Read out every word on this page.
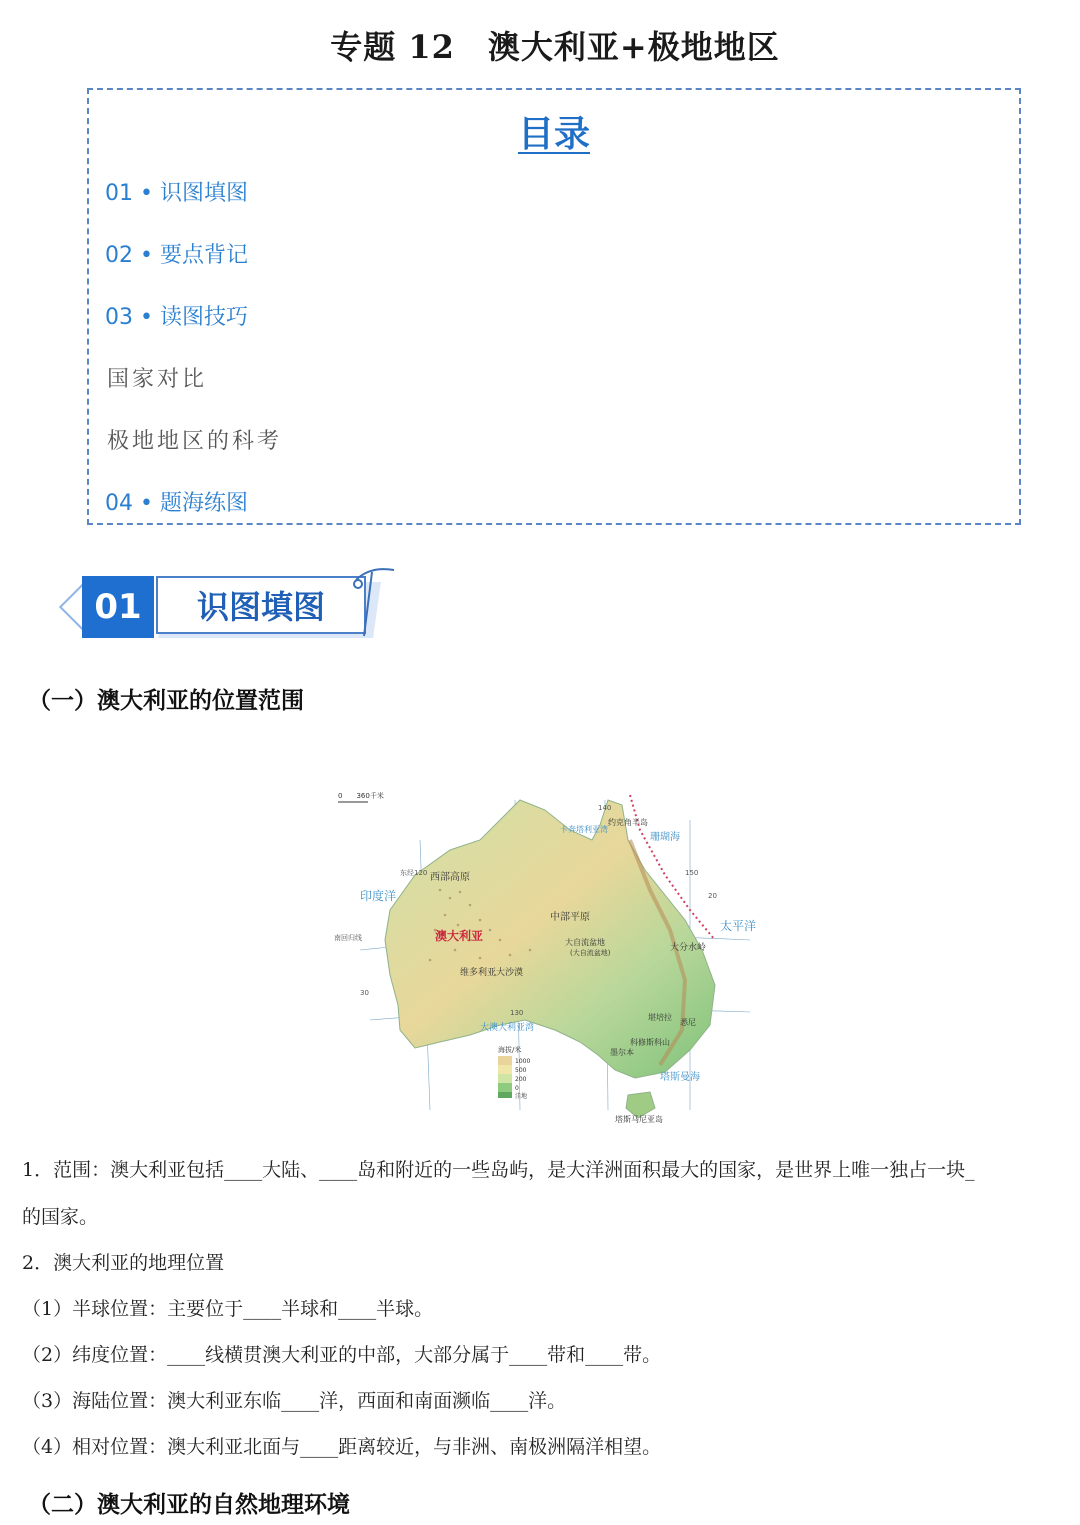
专题 12　澳大利亚+极地地区
目录
01 • 识图填图
02 • 要点背记
03 • 读图技巧
国家对比
极地地区的科考
04 • 题海练图
01	识图填图
（一）澳大利亚的位置范围
0　　360千米
印度洋
太平洋
珊瑚海
塔斯曼海
西部高原
中部平原
大自流盆地
(大自流盆地)
澳大利亚
维多利亚大沙漠
大澳大利亚湾
大分水岭
墨尔本
堪培拉
悉尼
科修斯科山
塔斯马尼亚岛
约克角半岛
卡奔塔利亚湾
南回归线
东经120
130
140
150
20
30
海拔/米
1000
500
200
0
洼地
1．范围：澳大利亚包括____大陆、____岛和附近的一些岛屿，是大洋洲面积最大的国家，是世界上唯一独占一块_
的国家。
2．澳大利亚的地理位置
（1）半球位置：主要位于____半球和____半球。
（2）纬度位置：____线横贯澳大利亚的中部，大部分属于____带和____带。
（3）海陆位置：澳大利亚东临____洋，西面和南面濒临____洋。
（4）相对位置：澳大利亚北面与____距离较近，与非洲、南极洲隔洋相望。
（二）澳大利亚的自然地理环境
